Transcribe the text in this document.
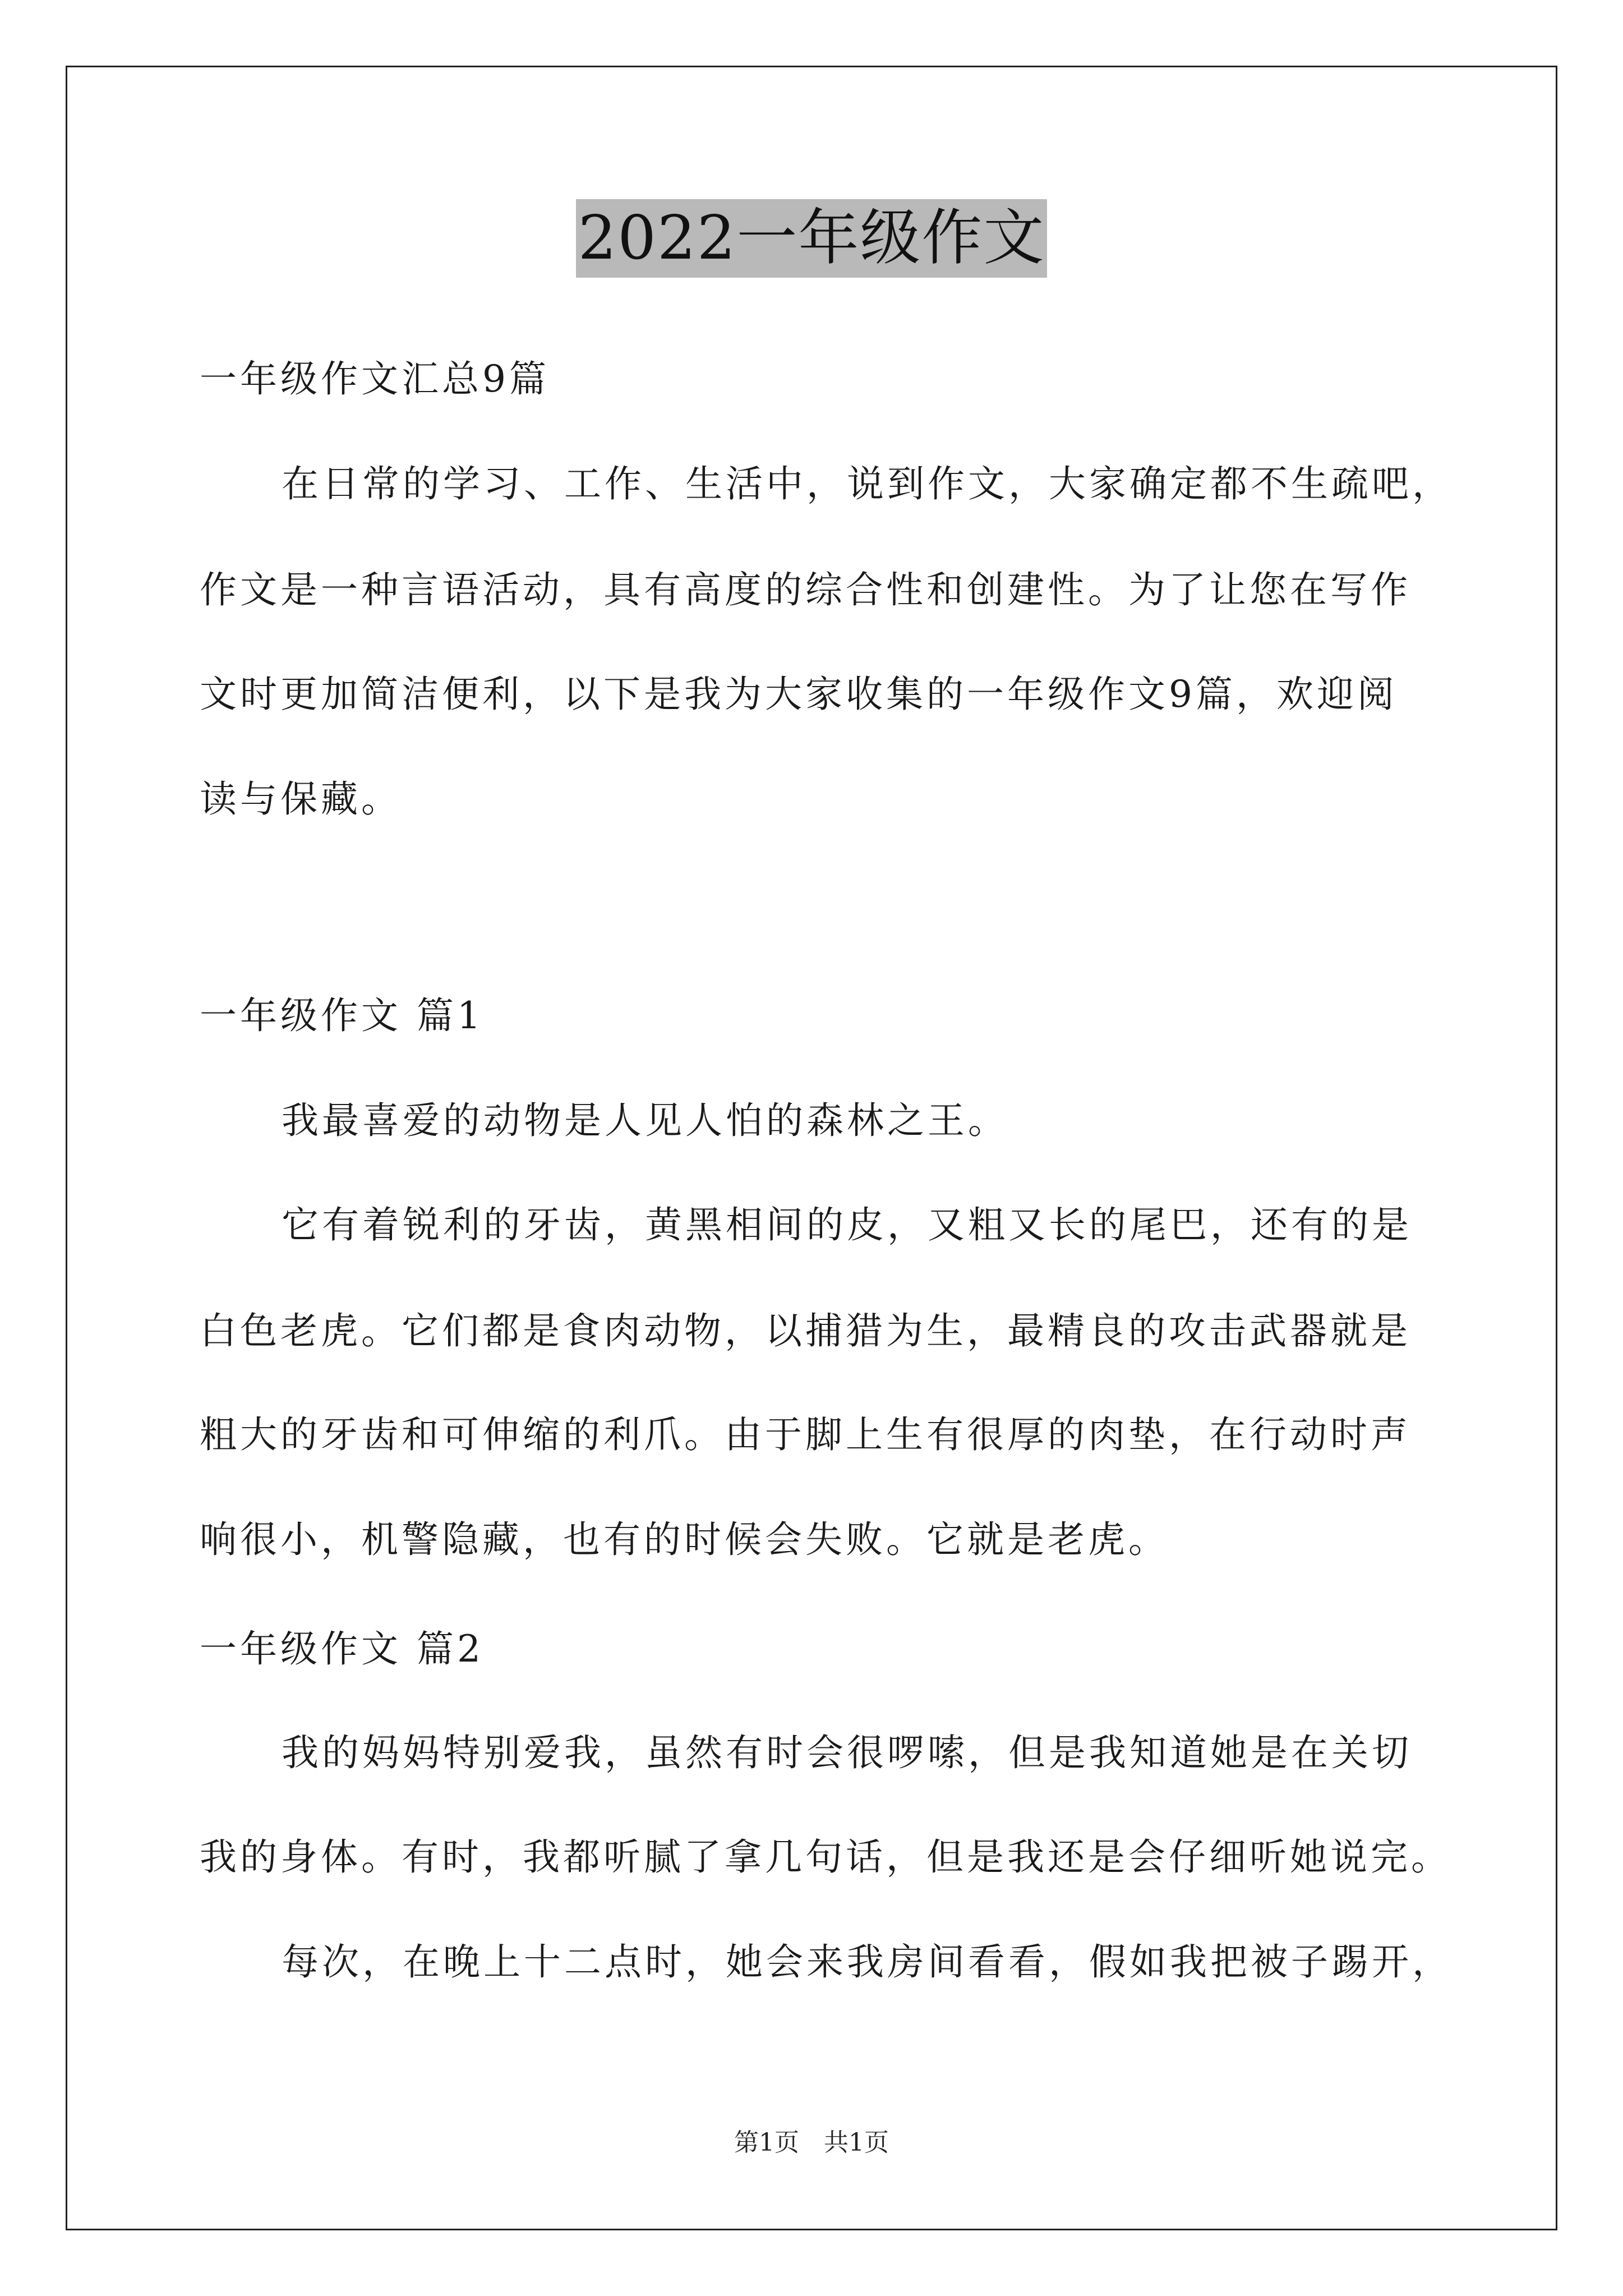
2022一年级作文
一年级作文汇总9篇
在日常的学习、工作、生活中，说到作文，大家确定都不生疏吧，
作文是一种言语活动，具有高度的综合性和创建性。为了让您在写作
文时更加简洁便利，以下是我为大家收集的一年级作文9篇，欢迎阅
读与保藏。
一年级作文 篇1
我最喜爱的动物是人见人怕的森林之王。
它有着锐利的牙齿，黄黑相间的皮，又粗又长的尾巴，还有的是
白色老虎。它们都是食肉动物，以捕猎为生，最精良的攻击武器就是
粗大的牙齿和可伸缩的利爪。由于脚上生有很厚的肉垫，在行动时声
响很小，机警隐藏，也有的时候会失败。它就是老虎。
一年级作文 篇2
我的妈妈特别爱我，虽然有时会很啰嗦，但是我知道她是在关切
我的身体。有时，我都听腻了拿几句话，但是我还是会仔细听她说完。
每次，在晚上十二点时，她会来我房间看看，假如我把被子踢开，
第1页　共1页
